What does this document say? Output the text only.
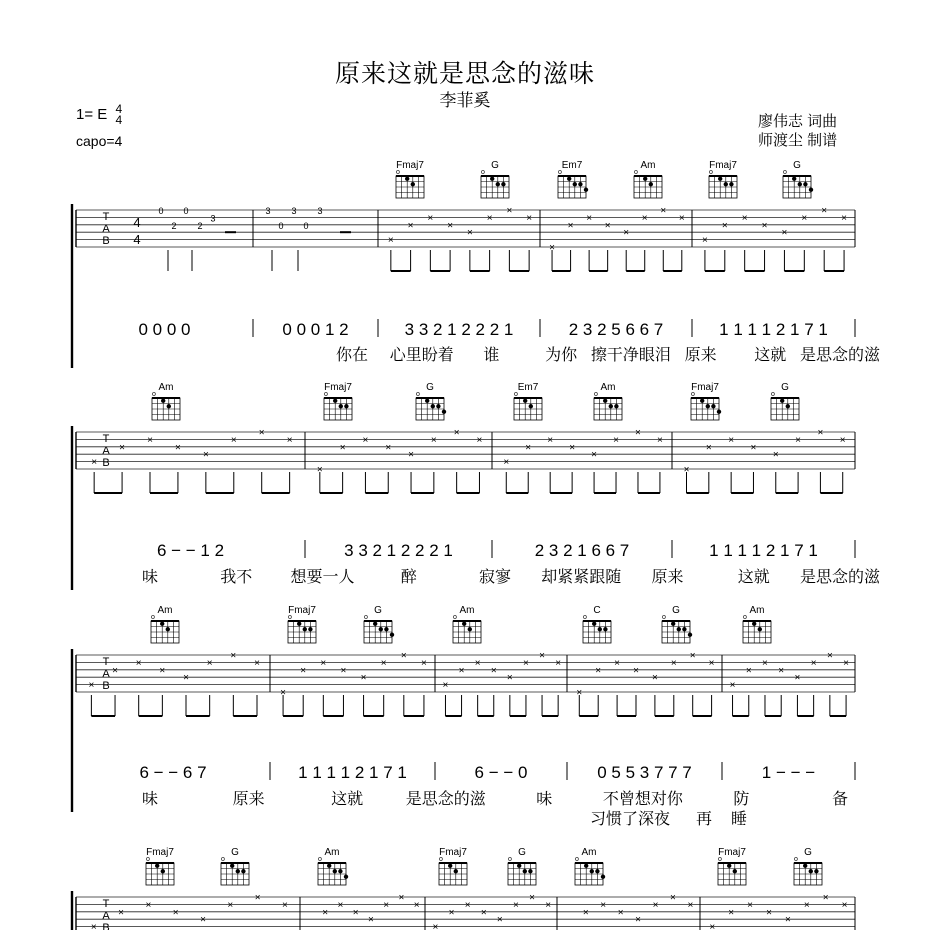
原来这就是思念的滋味
李菲奚
1= E 4
4
capo=4
廖伟志 词曲
师渡尘 制谱
T
A
B
4
4	×
×
×
×
×
×
×
×
×
×
×
×
×
×
×
×
×
×
×
×
×
×
×
×
0 0
2 2
3
3 3 3
0 0
Fmaj7
o
G
o
Em7
o
Am
o
Fmaj7
o
G
o
0 0 0 0	0 0 0 1 2	3 3 2 1 2 2 2 1	2 3 2 5 6 6 7	1 1 1 1 2 1 7 1
你在 心里盼着 谁	为你 擦干净眼泪 原来 这就 是思念的滋
T
A
B
×
×
×
×
×
×
×
×
×
×
×
×
×
×
×
×
×
×
×
×
×
×
×
×
×
×
×
×
×
×
×
×
Am
o
Fmaj7
o
G
o
Em7
o
Am
o
Fmaj7
o
G
o
6 − − 1 2	3 3 2 1 2 2 2 1	2 3 2 1 6 6 7	1 1 1 1 2 1 7 1
味	我不 想要一人	醉	寂寥 却紧紧跟随 原来	这就 是思念的滋
T
A
B
×
×
×
×
×
×
×
×
×
×
×
×
×
×
×
×
×
×
×
×
×
×
×
×
×
×
×
×
×
×
×
×
×
×
×
×
×
×
×
×
Am
o
Fmaj7
o
G
o
Am
o
C
o
G
o
Am
o
6 − − 6 7	1 1 1 1 2 1 7 1	6 − − 0	0 5 5 3 7 7 7	1 − − −
味	原来	这就	是思念的滋	味	不曾想对你	防	备
习惯了深夜 再 睡
T
A
B
×
×
×
×
×
×
×
×
×
×
×
×
×
×
×
×
×
×
×
×
×
×
×
×
×
×
×
×
×
×
×
×
×
×
×
×
×
×
Fmaj7
o
G
o
Am
o
Fmaj7
o
G
o
Am
o
Fmaj7
o
G
o
